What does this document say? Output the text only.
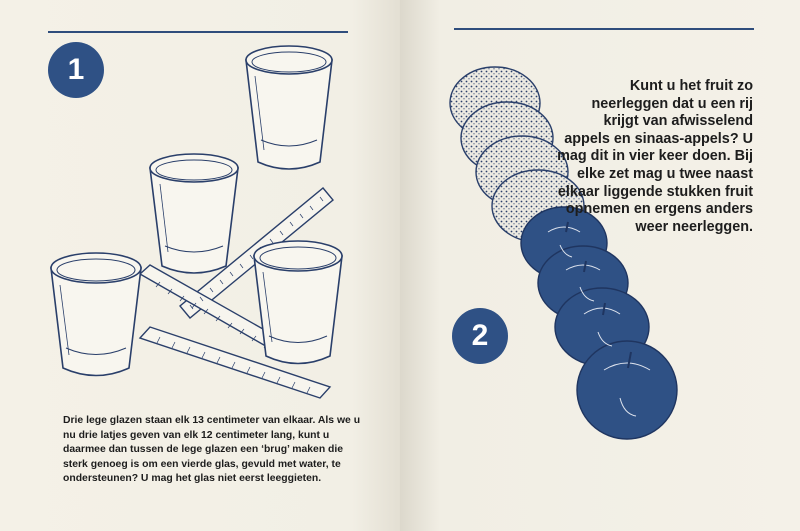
1
2
Drie lege glazen staan elk 13 centimeter van elkaar. Als we u nu drie latjes geven van elk 12 centimeter lang, kunt u daarmee dan tussen de lege glazen een ‘brug’ maken die sterk genoeg is om een vierde glas, gevuld met water, te ondersteunen? U mag het glas niet eerst leeggieten.
Kunt u het fruit zo neerleggen dat u een rij krijgt van afwisselend appels en sinaas-appels? U mag dit in vier keer doen. Bij elke zet mag u twee naast elkaar liggende stukken fruit opnemen en ergens anders weer neerleggen.
